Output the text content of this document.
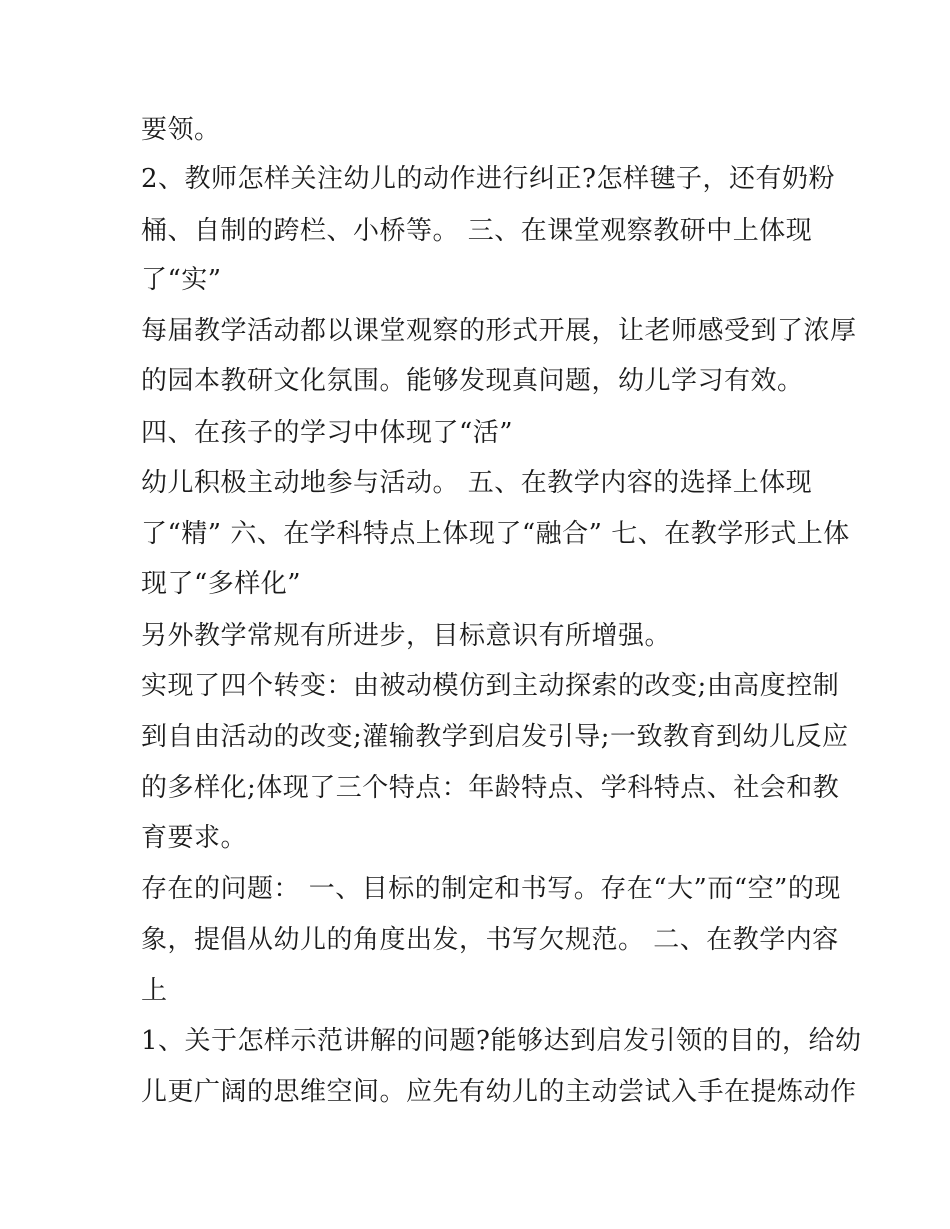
要领。
2、教师怎样关注幼儿的动作进行纠正?怎样毽子，还有奶粉
桶、自制的跨栏、小桥等。 三、在课堂观察教研中上体现
了“实”
每届教学活动都以课堂观察的形式开展，让老师感受到了浓厚
的园本教研文化氛围。能够发现真问题，幼儿学习有效。
四、在孩子的学习中体现了“活”
幼儿积极主动地参与活动。 五、在教学内容的选择上体现
了“精” 六、在学科特点上体现了“融合” 七、在教学形式上体
现了“多样化”
另外教学常规有所进步，目标意识有所增强。
实现了四个转变：由被动模仿到主动探索的改变;由高度控制
到自由活动的改变;灌输教学到启发引导;一致教育到幼儿反应
的多样化;体现了三个特点：年龄特点、学科特点、社会和教
育要求。
存在的问题： 一、目标的制定和书写。存在“大”而“空”的现
象，提倡从幼儿的角度出发，书写欠规范。 二、在教学内容
上
1、关于怎样示范讲解的问题?能够达到启发引领的目的，给幼
儿更广阔的思维空间。应先有幼儿的主动尝试入手在提炼动作
